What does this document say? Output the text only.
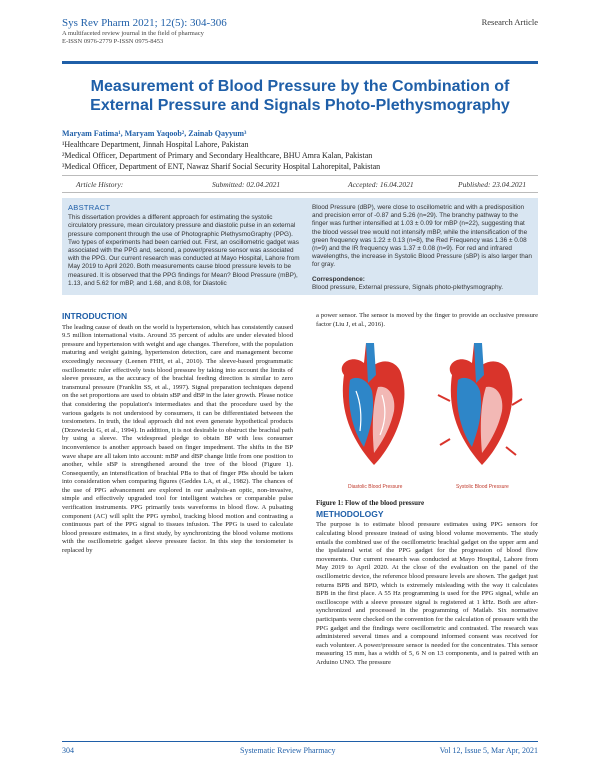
Sys Rev Pharm 2021; 12(5): 304-306
A multifaceted review journal in the field of pharmacy
E-ISSN 0976-2779 P-ISSN 0975-8453
Research Article
Measurement of Blood Pressure by the Combination of External Pressure and Signals Photo-Plethysmography
Maryam Fatima¹, Maryam Yaqoob², Zainab Qayyum³
¹Healthcare Department, Jinnah Hospital Lahore, Pakistan
²Medical Officer, Department of Primary and Secondary Healthcare, BHU Amra Kalan, Pakistan
³Medical Officer, Department of ENT, Nawaz Sharif Social Security Hospital Lahorepital, Pakistan
Article History:	Submitted: 02.04.2021	Accepted: 16.04.2021	Published: 23.04.2021
ABSTRACT
This dissertation provides a different approach for estimating the systolic circulatory pressure, mean circulatory pressure and diastolic pulse in an external pressure component through the use of Photographic PlethysmoGraphy (PPG). Two types of experiments had been carried out. First, an oscillometric gadget was associated with the PPG and, second, a power/pressure sensor was associated with the PPG. Our current research was conducted at Mayo Hospital, Lahore from May 2019 to April 2020. Both measurements cause blood pressure levels to be measured. It is observed that the PPG findings for Mean? Blood Pressure (mBP), 1.13, and 5.62 for mBP, and 1.68, and 8.08, for Diastolic
Blood Pressure (dBP), were close to oscillometric and with a predisposition and precision error of -0.87 and 5.26 (n=29). The branchy pathway to the finger was further intensified at 1.03 ± 0.09 for mBP (n=22), suggesting that the blood vessel tree would not intensify mBP, while the intensification of the green frequency was 1.22 ± 0.13 (n=8), the Red Frequency was 1.36 ± 0.08 (n=9) and the IR frequency was 1.37 ± 0.08 (n=9). For red and infrared wavelengths, the increase in Systolic Blood Pressure (sBP) is also larger than for gray.
Correspondence:
Blood pressure, External pressure, Signals photo-plethysmography.
INTRODUCTION
The leading cause of death on the world is hypertension, which has consistently caused 9.5 million international visits. Around 35 percent of adults are under elevated blood pressure and hypertension with weight and age changes. Therefore, with the population maturing and weight gaining, hypertension detection, care and management become exceedingly necessary (Leenen FHH, et al., 2010). The sleeve-based programmatic oscillometric ruler effectively tests blood pressure by taking into account the limits of sleeve pressure, as the accuracy of the brachial feeding direction is similar to zero transmural pressure (Franklin SS, et al., 1997). Signal preparation techniques depend on the set proportions are used to obtain sBP and dBP in the later growth. Please notice that considering the population's intermediates and that the procedure used by the various gadgets is not understood by consumers, it can be differentiated between the torsiometers. In truth, the ideal approach did not even generate hypothetical products (Drzewiecki G, et al., 1994). In addition, it is not desirable to obstruct the brachial path by using a sleeve. The widespread pledge to obtain BP with less consumer inconvenience is another approach based on finger impedment. The shifts in the BP wave shape are all taken into account: mBP and dBP change little from one position to another, while sBP is strengthened around the tree of the blood (Figure 1). Consequently, an intensification of brachial PBs to that of finger PBs should be taken into consideration when comparing figures (Geddes LA, et al., 1982). The chances of the use of PPG advancement are explored in our analysis-an optic, non-invasive, simple and effectively upgraded tool for intelligent watches or comparable pulse verification instruments. PPG primarily tests waveforms in blood flow. A pulsating component (AC) will split the PPG symbol, tracking blood motion and contrasting a continuous part of the PPG signal to tissues infusion. The PPG is used to calculate blood pressure estimates, in a first study, by synchronizing the blood volume motions with the oscillometric gadget sleeve pressure factor. In this step the torsiometer is replaced by
a power sensor. The sensor is moved by the finger to provide an occlusive pressure factor (Liu J, et al., 2016).
Diastolic Blood Pressure	Systolic Blood Pressure
Figure 1: Flow of the blood pressure
METHODOLOGY
The purpose is to estimate blood pressure estimates using PPG sensors for calculating blood pressure instead of using blood volume movements. The study entails the combined use of the oscillometric brachial gadget on the upper arm and the ipsilateral wrist of the PPG gadget for the progression of blood flow movements. Our current research was conducted at Mayo Hospital, Lahore from May 2019 to April 2020. At the close of the evaluation on the panel of the oscillometric device, the reference blood pressure levels are shown. The gadget just returns BPB and BPD, which is extremely misleading with the way it calculates BPB in the first place. A 55 Hz programming is used for the PPG signal, while an oscilloscope with a sleeve pressure signal is registered at 1 kHz. Both are after-synchronized and processed in the programming of Matlab. Six normative participants were checked on the convention for the calculation of pressure with the PPG gadget and the findings were oscillometric and contrasted. The research was administered several times and a compound informed consent was received for each volunteer. A power/pressure sensor is needed for the concentrates. This sensor measuring 15 mm, has a width of 5, 6 N on 13 components, and is paired with an Arduino UNO. The pressure
304	Systematic Review Pharmacy	Vol 12, Issue 5, Mar Apr, 2021
